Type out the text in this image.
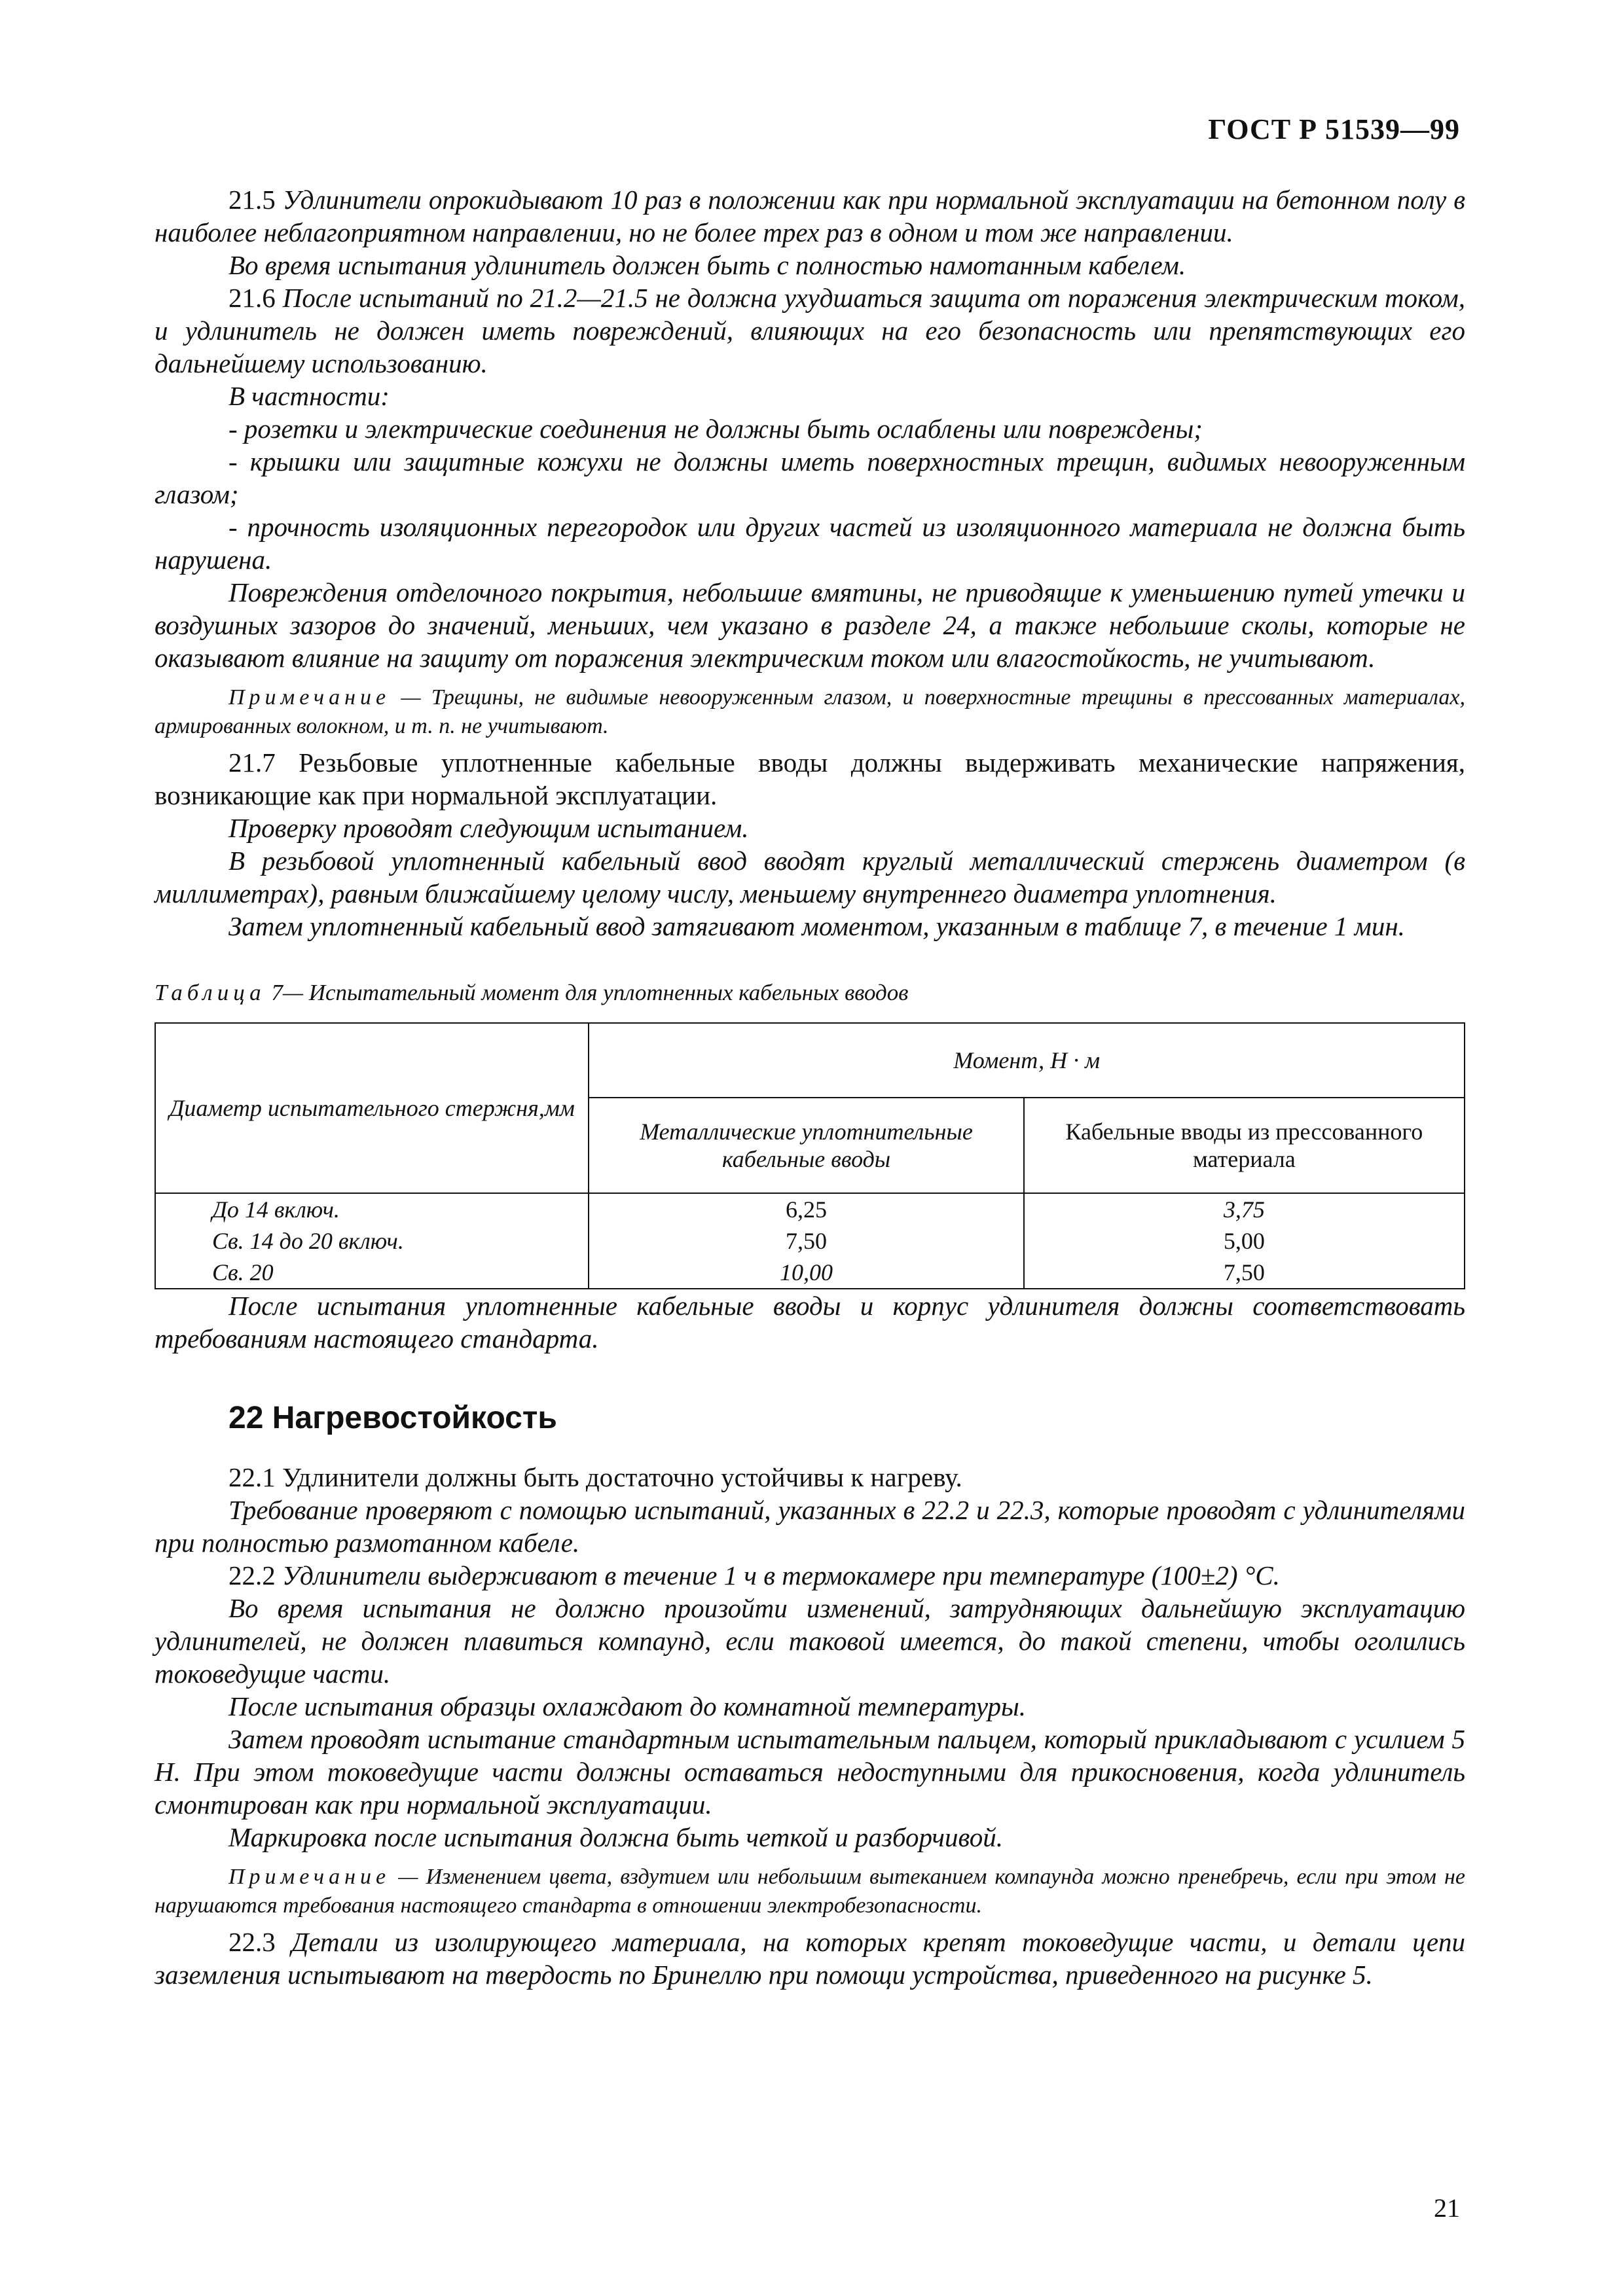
ГОСТ Р 51539—99

21.5 Удлинители опрокидывают 10 раз в положении как при нормальной эксплуатации на бетонном полу в наиболее неблагоприятном направлении, но не более трех раз в одном и том же направлении.

Во время испытания удлинитель должен быть с полностью намотанным кабелем.

21.6 После испытаний по 21.2—21.5 не должна ухудшаться защита от поражения электрическим током, и удлинитель не должен иметь повреждений, влияющих на его безопасность или препятствующих его дальнейшему использованию.

В частности:

- розетки и электрические соединения не должны быть ослаблены или повреждены;

- крышки или защитные кожухи не должны иметь поверхностных трещин, видимых невооруженным глазом;

- прочность изоляционных перегородок или других частей из изоляционного материала не должна быть нарушена.

Повреждения отделочного покрытия, небольшие вмятины, не приводящие к уменьшению путей утечки и воздушных зазоров до значений, меньших, чем указано в разделе 24, а также небольшие сколы, которые не оказывают влияние на защиту от поражения электрическим током или влагостойкость, не учитывают.

Примечание — Трещины, не видимые невооруженным глазом, и поверхностные трещины в прессованных материалах, армированных волокном, и т. п. не учитывают.

21.7 Резьбовые уплотненные кабельные вводы должны выдерживать механические напряжения, возникающие как при нормальной эксплуатации.

Проверку проводят следующим испытанием.

В резьбовой уплотненный кабельный ввод вводят круглый металлический стержень диаметром (в миллиметрах), равным ближайшему целому числу, меньшему внутреннего диаметра уплотнения.

Затем уплотненный кабельный ввод затягивают моментом, указанным в таблице 7, в течение 1 мин.

Таблица 7— Испытательный момент для уплотненных кабельных вводов
Диаметр испытательного стержня,мм	Момент, Н · м	
	Металлические уплотнительные кабельные вводы	Кабельные вводы из прессованного материала
До 14 включ.	6,25	3,75
Св. 14 до 20 включ.	7,50	5,00
Св. 20	10,00	7,50

После испытания уплотненные кабельные вводы и корпус удлинителя должны соответствовать требованиям настоящего стандарта.

22 Нагревостойкость

22.1 Удлинители должны быть достаточно устойчивы к нагреву.

Требование проверяют с помощью испытаний, указанных в 22.2 и 22.3, которые проводят с удлинителями при полностью размотанном кабеле.

22.2 Удлинители выдерживают в течение 1 ч в термокамере при температуре (100±2) °С.

Во время испытания не должно произойти изменений, затрудняющих дальнейшую эксплуатацию удлинителей, не должен плавиться компаунд, если таковой имеется, до такой степени, чтобы оголились токоведущие части.

После испытания образцы охлаждают до комнатной температуры.

Затем проводят испытание стандартным испытательным пальцем, который прикладывают с усилием 5 Н. При этом токоведущие части должны оставаться недоступными для прикосновения, когда удлинитель смонтирован как при нормальной эксплуатации.

Маркировка после испытания должна быть четкой и разборчивой.

Примечание — Изменением цвета, вздутием или небольшим вытеканием компаунда можно пренебречь, если при этом не нарушаются требования настоящего стандарта в отношении электробезопасности.

22.3 Детали из изолирующего материала, на которых крепят токоведущие части, и детали цепи заземления испытывают на твердость по Бринеллю при помощи устройства, приведенного на рисунке 5.

21
